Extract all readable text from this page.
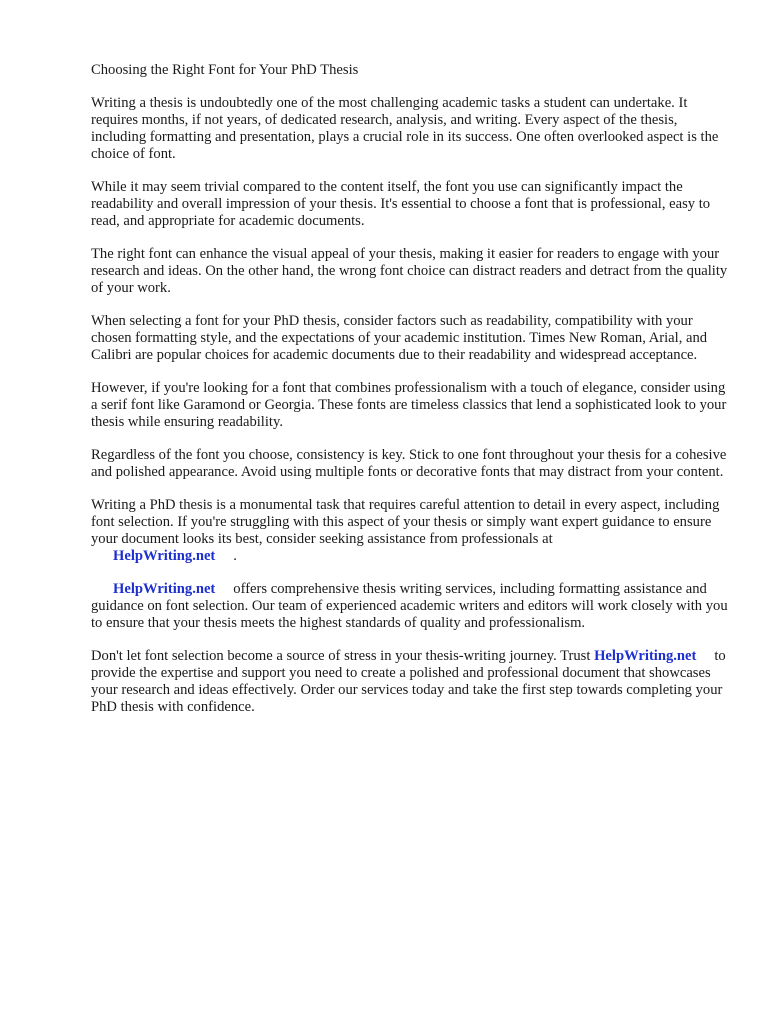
Choosing the Right Font for Your PhD Thesis

Writing a thesis is undoubtedly one of the most challenging academic tasks a student can undertake. It requires months, if not years, of dedicated research, analysis, and writing. Every aspect of the thesis, including formatting and presentation, plays a crucial role in its success. One often overlooked aspect is the choice of font.

While it may seem trivial compared to the content itself, the font you use can significantly impact the readability and overall impression of your thesis. It's essential to choose a font that is professional, easy to read, and appropriate for academic documents.

The right font can enhance the visual appeal of your thesis, making it easier for readers to engage with your research and ideas. On the other hand, the wrong font choice can distract readers and detract from the quality of your work.

When selecting a font for your PhD thesis, consider factors such as readability, compatibility with your chosen formatting style, and the expectations of your academic institution. Times New Roman, Arial, and Calibri are popular choices for academic documents due to their readability and widespread acceptance.

However, if you're looking for a font that combines professionalism with a touch of elegance, consider using a serif font like Garamond or Georgia. These fonts are timeless classics that lend a sophisticated look to your thesis while ensuring readability.

Regardless of the font you choose, consistency is key. Stick to one font throughout your thesis for a cohesive and polished appearance. Avoid using multiple fonts or decorative fonts that may distract from your content.

Writing a PhD thesis is a monumental task that requires careful attention to detail in every aspect, including font selection. If you're struggling with this aspect of your thesis or simply want expert guidance to ensure your document looks its best, consider seeking assistance from professionals at
HelpWriting.net .

HelpWriting.net offers comprehensive thesis writing services, including formatting assistance and guidance on font selection. Our team of experienced academic writers and editors will work closely with you to ensure that your thesis meets the highest standards of quality and professionalism.

Don't let font selection become a source of stress in your thesis-writing journey. Trust HelpWriting.net to provide the expertise and support you need to create a polished and professional document that showcases your research and ideas effectively. Order our services today and take the first step towards completing your PhD thesis with confidence.
